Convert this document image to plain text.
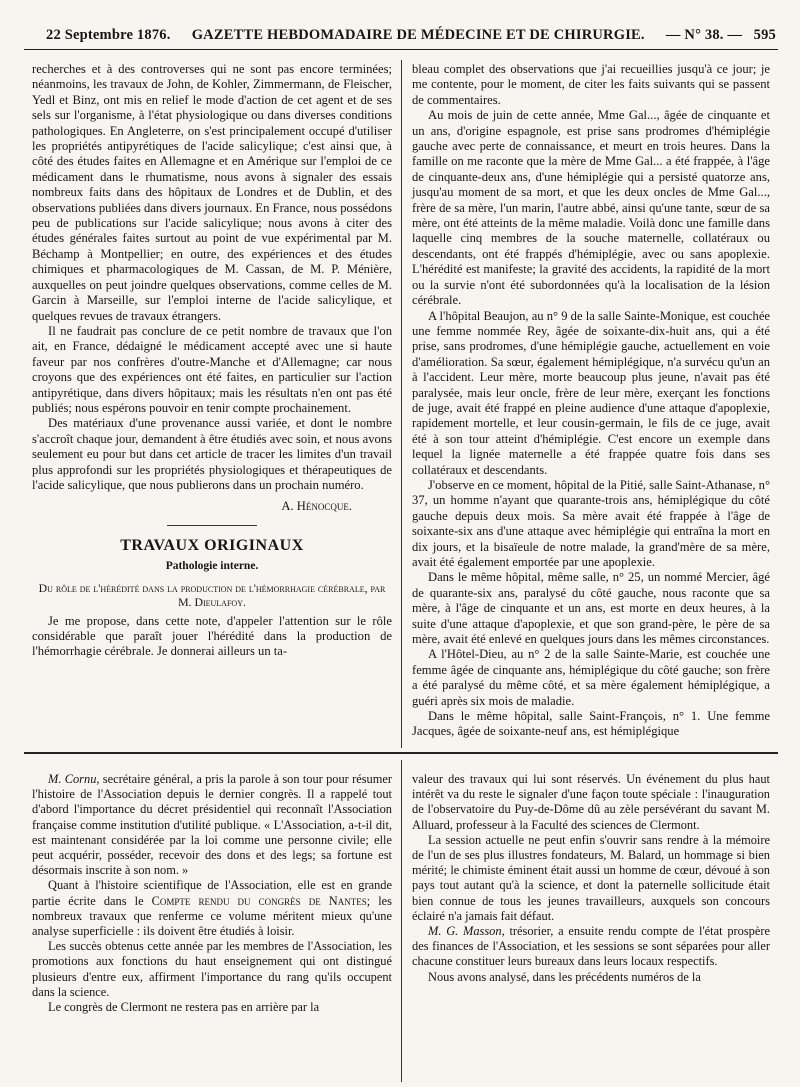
22 Septembre 1876. GAZETTE HEBDOMADAIRE DE MÉDECINE ET DE CHIRURGIE. — N° 38. — 595

recherches et à des controverses qui ne sont pas encore terminées; néanmoins, les travaux de John, de Kohler, Zimmermann, de Fleischer, Yedl et Binz, ont mis en relief le mode d'action de cet agent et de ses sels sur l'organisme, à l'état physiologique ou dans diverses conditions pathologiques. En Angleterre, on s'est principalement occupé d'utiliser les propriétés antipyrétiques de l'acide salicylique; c'est ainsi que, à côté des études faites en Allemagne et en Amérique sur l'emploi de ce médicament dans le rhumatisme, nous avons à signaler des essais nombreux faits dans des hôpitaux de Londres et de Dublin, et des observations publiées dans divers journaux. En France, nous possédons peu de publications sur l'acide salicylique; nous avons à citer des études générales faites surtout au point de vue expérimental par M. Béchamp à Montpellier; en outre, des expériences et des études chimiques et pharmacologiques de M. Cassan, de M. P. Ménière, auxquelles on peut joindre quelques observations, comme celles de M. Garcin à Marseille, sur l'emploi interne de l'acide salicylique, et quelques revues de travaux étrangers.

Il ne faudrait pas conclure de ce petit nombre de travaux que l'on ait, en France, dédaigné le médicament accepté avec une si haute faveur par nos confrères d'outre-Manche et d'Allemagne; car nous croyons que des expériences ont été faites, en particulier sur l'action antipyrétique, dans divers hôpitaux; mais les résultats n'en ont pas été publiés; nous espérons pouvoir en tenir compte prochainement.

Des matériaux d'une provenance aussi variée, et dont le nombre s'accroît chaque jour, demandent à être étudiés avec soin, et nous avons seulement eu pour but dans cet article de tracer les limites d'un travail plus approfondi sur les propriétés physiologiques et thérapeutiques de l'acide salicylique, que nous publierons dans un prochain numéro.

A. Hénocque.
TRAVAUX ORIGINAUX
Pathologie interne.
Du rôle de l'hérédité dans la production de l'hémorrhagie cérébrale, par M. Dieulafoy.

Je me propose, dans cette note, d'appeler l'attention sur le rôle considérable que paraît jouer l'hérédité dans la production de l'hémorrhagie cérébrale. Je donnerai ailleurs un ta-

bleau complet des observations que j'ai recueillies jusqu'à ce jour; je me contente, pour le moment, de citer les faits suivants qui se passent de commentaires.

Au mois de juin de cette année, Mme Gal..., âgée de cinquante et un ans, d'origine espagnole, est prise sans prodromes d'hémiplégie gauche avec perte de connaissance, et meurt en trois heures. Dans la famille on me raconte que la mère de Mme Gal... a été frappée, à l'âge de cinquante-deux ans, d'une hémiplégie qui a persisté quatorze ans, jusqu'au moment de sa mort, et que les deux oncles de Mme Gal..., frère de sa mère, l'un marin, l'autre abbé, ainsi qu'une tante, sœur de sa mère, ont été atteints de la même maladie. Voilà donc une famille dans laquelle cinq membres de la souche maternelle, collatéraux ou descendants, ont été frappés d'hémiplégie, avec ou sans apoplexie. L'hérédité est manifeste; la gravité des accidents, la rapidité de la mort ou la survie n'ont été subordonnées qu'à la localisation de la lésion cérébrale.

A l'hôpital Beaujon, au n° 9 de la salle Sainte-Monique, est couchée une femme nommée Rey, âgée de soixante-dix-huit ans, qui a été prise, sans prodromes, d'une hémiplégie gauche, actuellement en voie d'amélioration. Sa sœur, également hémiplégique, n'a survécu qu'un an à l'accident. Leur mère, morte beaucoup plus jeune, n'avait pas été paralysée, mais leur oncle, frère de leur mère, exerçant les fonctions de juge, avait été frappé en pleine audience d'une attaque d'apoplexie, rapidement mortelle, et leur cousin-germain, le fils de ce juge, avait été à son tour atteint d'hémiplégie. C'est encore un exemple dans lequel la lignée maternelle a été frappée quatre fois dans ses collatéraux et descendants.

J'observe en ce moment, hôpital de la Pitié, salle Saint-Athanase, n° 37, un homme n'ayant que quarante-trois ans, hémiplégique du côté gauche depuis deux mois. Sa mère avait été frappée à l'âge de soixante-six ans d'une attaque avec hémiplégie qui entraîna la mort en dix jours, et la bisaïeule de notre malade, la grand'mère de sa mère, avait été également emportée par une apoplexie.

Dans le même hôpital, même salle, n° 25, un nommé Mercier, âgé de quarante-six ans, paralysé du côté gauche, nous raconte que sa mère, à l'âge de cinquante et un ans, est morte en deux heures, à la suite d'une attaque d'apoplexie, et que son grand-père, le père de sa mère, avait été enlevé en quelques jours dans les mêmes circonstances.

A l'Hôtel-Dieu, au n° 2 de la salle Sainte-Marie, est couchée une femme âgée de cinquante ans, hémiplégique du côté gauche; son frère a été paralysé du même côté, et sa mère également hémiplégique, a guéri après six mois de maladie.

Dans le même hôpital, salle Saint-François, n° 1. Une femme Jacques, âgée de soixante-neuf ans, est hémiplégique

M. Cornu, secrétaire général, a pris la parole à son tour pour résumer l'histoire de l'Association depuis le dernier congrès. Il a rappelé tout d'abord l'importance du décret présidentiel qui reconnaît l'Association française comme institution d'utilité publique. « L'Association, a-t-il dit, est maintenant considérée par la loi comme une personne civile; elle peut acquérir, posséder, recevoir des dons et des legs; sa fortune est désormais inscrite à son nom. »

Quant à l'histoire scientifique de l'Association, elle est en grande partie écrite dans le Compte rendu du congrès de Nantes; les nombreux travaux que renferme ce volume méritent mieux qu'une analyse superficielle : ils doivent être étudiés à loisir.

Les succès obtenus cette année par les membres de l'Association, les promotions aux fonctions du haut enseignement qui ont distingué plusieurs d'entre eux, affirment l'importance du rang qu'ils occupent dans la science.

Le congrès de Clermont ne restera pas en arrière par la

valeur des travaux qui lui sont réservés. Un événement du plus haut intérêt va du reste le signaler d'une façon toute spéciale : l'inauguration de l'observatoire du Puy-de-Dôme dû au zèle persévérant du savant M. Alluard, professeur à la Faculté des sciences de Clermont.

La session actuelle ne peut enfin s'ouvrir sans rendre à la mémoire de l'un de ses plus illustres fondateurs, M. Balard, un hommage si bien mérité; le chimiste éminent était aussi un homme de cœur, dévoué à son pays tout autant qu'à la science, et dont la paternelle sollicitude était bien connue de tous les jeunes travailleurs, auxquels son concours éclairé n'a jamais fait défaut.

M. G. Masson, trésorier, a ensuite rendu compte de l'état prospère des finances de l'Association, et les sessions se sont séparées pour aller chacune constituer leurs bureaux dans leurs locaux respectifs.

Nous avons analysé, dans les précédents numéros de la
